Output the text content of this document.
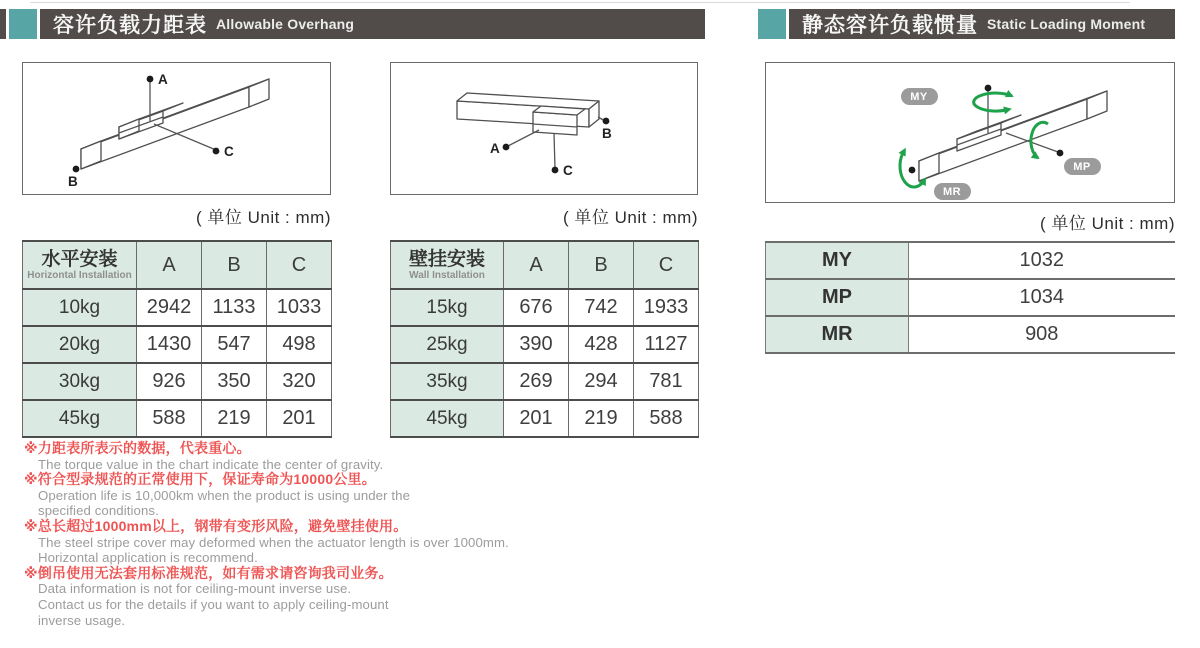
容许负载力距表 Allowable Overhang	静态容许负载惯量 Static Loading Moment
A
C
B
( 单位 Unit : mm)
A
C
B
( 单位 Unit : mm)
MY
MP
MR
( 单位 Unit : mm)
水平安装
Horizontal Installation	A	B	C
10kg	2942	1133	1033
20kg	1430	547	498
30kg	926	350	320
45kg	588	219	201
壁挂安装
Wall Installation	A	B	C
15kg	676	742	1933
25kg	390	428	1127
35kg	269	294	781
45kg	201	219	588
MY	1032
MP	1034
MR	908
※力距表所表示的数据，代表重心。
The torque value in the chart indicate the center of gravity.
※符合型录规范的正常使用下，保证寿命为10000公里。
Operation life is 10,000km when the product is using under the
specified conditions.
※总长超过1000mm以上，钢带有变形风险，避免壁挂使用。
The steel stripe cover may deformed when the actuator length is over 1000mm.
Horizontal application is recommend.
※倒吊使用无法套用标准规范，如有需求请咨询我司业务。
Data information is not for ceiling-mount inverse use.
Contact us for the details if you want to apply ceiling-mount
inverse usage.
